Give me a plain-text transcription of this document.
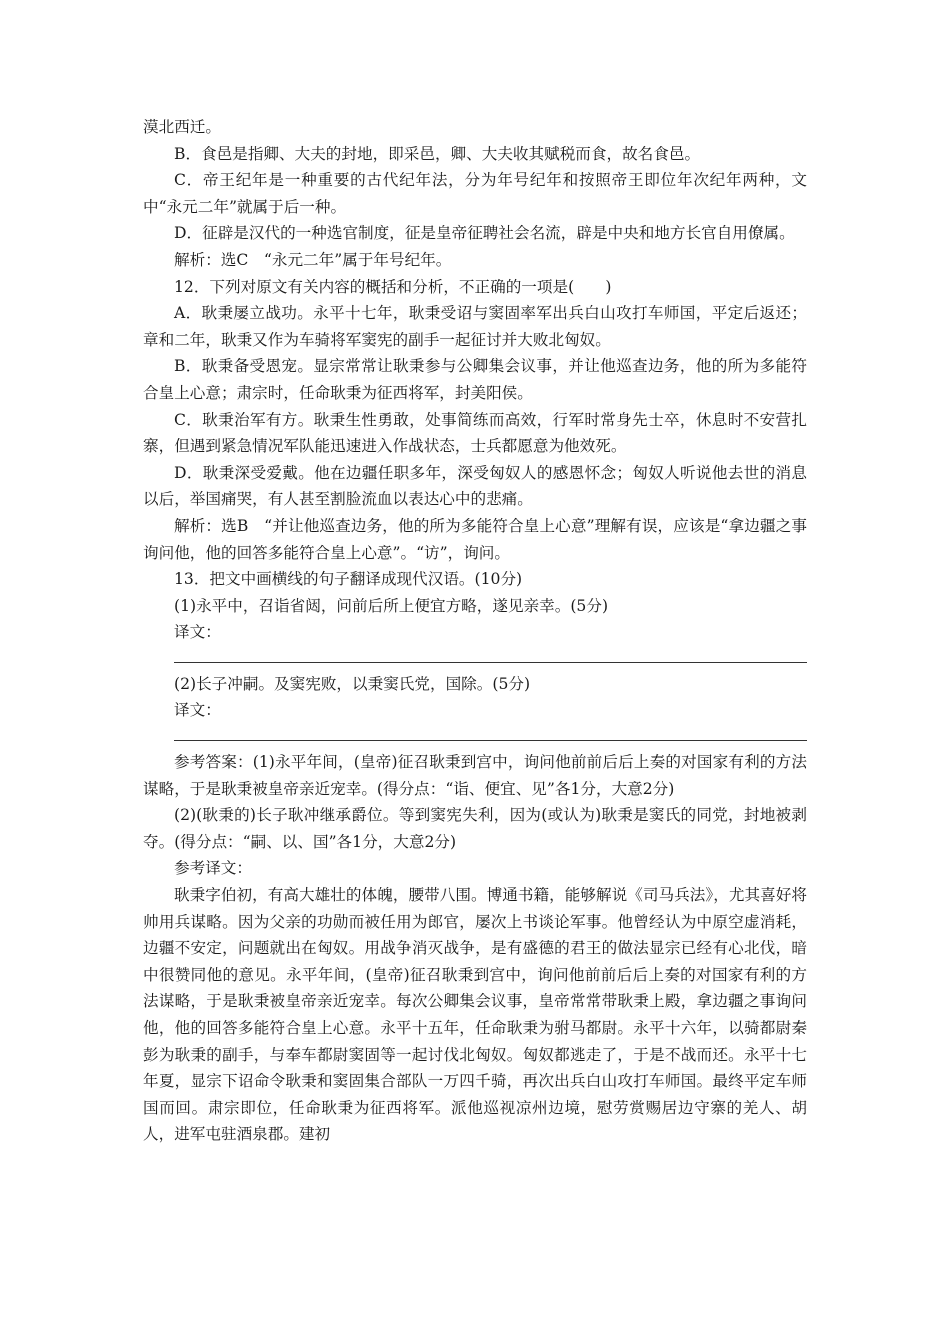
漠北西迁。

B．食邑是指卿、大夫的封地，即采邑，卿、大夫收其赋税而食，故名食邑。

C．帝王纪年是一种重要的古代纪年法，分为年号纪年和按照帝王即位年次纪年两种，文中“永元二年”就属于后一种。

D．征辟是汉代的一种选官制度，征是皇帝征聘社会名流，辟是中央和地方长官自用僚属。

解析：选C　“永元二年”属于年号纪年。

12．下列对原文有关内容的概括和分析，不正确的一项是(　　)

A．耿秉屡立战功。永平十七年，耿秉受诏与窦固率军出兵白山攻打车师国，平定后返还；章和二年，耿秉又作为车骑将军窦宪的副手一起征讨并大败北匈奴。

B．耿秉备受恩宠。显宗常常让耿秉参与公卿集会议事，并让他巡查边务，他的所为多能符合皇上心意；肃宗时，任命耿秉为征西将军，封美阳侯。

C．耿秉治军有方。耿秉生性勇敢，处事简练而高效，行军时常身先士卒，休息时不安营扎寨，但遇到紧急情况军队能迅速进入作战状态，士兵都愿意为他效死。

D．耿秉深受爱戴。他在边疆任职多年，深受匈奴人的感恩怀念；匈奴人听说他去世的消息以后，举国痛哭，有人甚至割脸流血以表达心中的悲痛。

解析：选B　“并让他巡查边务，他的所为多能符合皇上心意”理解有误，应该是“拿边疆之事询问他，他的回答多能符合皇上心意”。“访”，询问。

13．把文中画横线的句子翻译成现代汉语。(10分)

(1)永平中，召诣省闼，问前后所上便宜方略，遂见亲幸。(5分)

译文：

(2)长子冲嗣。及窦宪败，以秉窦氏党，国除。(5分)

译文：

参考答案：(1)永平年间，(皇帝)征召耿秉到宫中，询问他前前后后上奏的对国家有利的方法谋略，于是耿秉被皇帝亲近宠幸。(得分点：“诣、便宜、见”各1分，大意2分)

(2)(耿秉的)长子耿冲继承爵位。等到窦宪失利，因为(或认为)耿秉是窦氏的同党，封地被剥夺。(得分点：“嗣、以、国”各1分，大意2分)

参考译文：

耿秉字伯初，有高大雄壮的体魄，腰带八围。博通书籍，能够解说《司马兵法》，尤其喜好将帅用兵谋略。因为父亲的功勋而被任用为郎官，屡次上书谈论军事。他曾经认为中原空虚消耗，边疆不安定，问题就出在匈奴。用战争消灭战争，是有盛德的君王的做法显宗已经有心北伐，暗中很赞同他的意见。永平年间，(皇帝)征召耿秉到宫中，询问他前前后后上奏的对国家有利的方法谋略，于是耿秉被皇帝亲近宠幸。每次公卿集会议事，皇帝常常带耿秉上殿，拿边疆之事询问他，他的回答多能符合皇上心意。永平十五年，任命耿秉为驸马都尉。永平十六年，以骑都尉秦彭为耿秉的副手，与奉车都尉窦固等一起讨伐北匈奴。匈奴都逃走了，于是不战而还。永平十七年夏，显宗下诏命令耿秉和窦固集合部队一万四千骑，再次出兵白山攻打车师国。最终平定车师国而回。肃宗即位，任命耿秉为征西将军。派他巡视凉州边境，慰劳赏赐居边守寨的羌人、胡人，进军屯驻酒泉郡。建初
